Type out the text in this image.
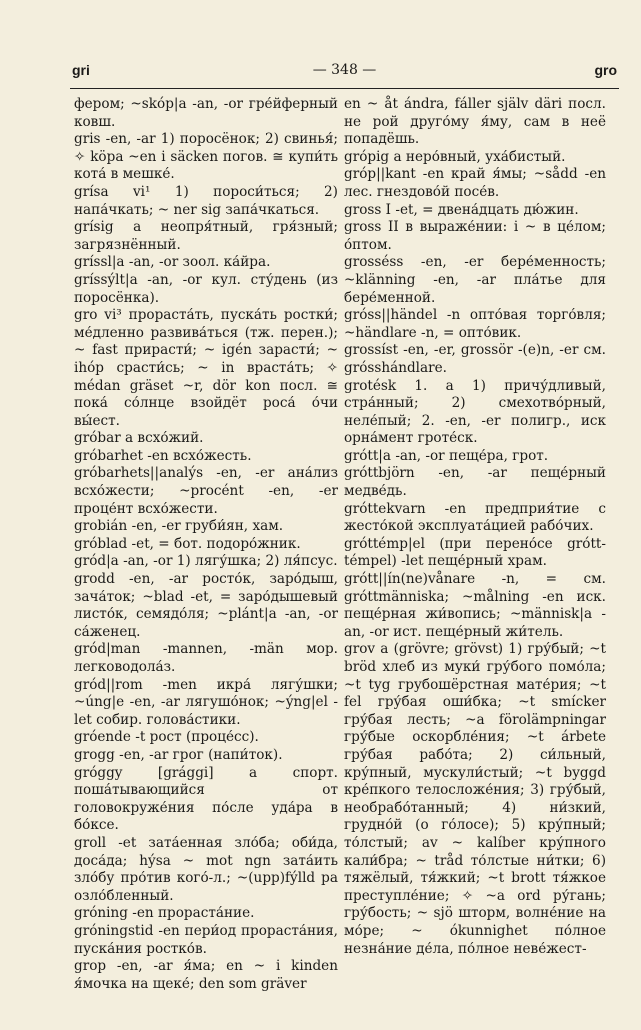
gri	— 348 —	gro

фером; ~skóp|a -an, -or гре́йферный ковш.

gris -en, -ar 1) поросёнок; 2) свинья́; ✧ köpa ~en i säcken погов. ≅ купи́ть кота́ в мешке́.

grísa vi¹ 1) пороси́ться; 2) напа́чкать; ~ ner sig запа́чкаться.

grísig a неопря́тный, гря́зный; загрязнённый.

gríssl|a -an, -or зоол. ка́йра.

gríssýlt|a -an, -or кул. сту́день (из поросёнка).

gro vi³ прораста́ть, пуска́ть ростки́; ме́дленно развива́ться (тж. перен.); ~ fast прирасти́; ~ igén зарасти́; ~ ihóp срасти́сь; ~ in враста́ть; ✧ médan gräset ~r, dör kon посл. ≅ пока́ со́лнце взойдёт роса́ о́чи вы́ест.

gróbar a всхо́жий.

gróbarhet -en всхо́жесть.

gróbarhets||analýs -en, -er ана́лиз всхо́жести; ~procént -en, -er проце́нт всхо́жести.

grobián -en, -er груби́ян, хам.

gróblad -et, = бот. подоро́жник.

gród|a -an, -or 1) лягу́шка; 2) ля́псус.

grodd -en, -ar росто́к, заро́дыш, зача́ток; ~blad -et, = заро́дышевый листо́к, семядо́ля; ~plánt|a -an, -or са́женец.

gród|man -mannen, -män мор. легководола́з.

gród||rom -men икра́ лягу́шки; ~úng|e -en, -ar лягушо́нок; ~ýng|el -let собир. голова́стики.

gróende -t рост (проце́сс).

grogg -en, -ar грог (напи́ток).

gróggy [grággi] a спорт. поша́тывающийся от головокруже́ния по́сле уда́ра в бо́ксе.

groll -et зата́енная зло́ба; оби́да, доса́да; hýsa ~ mot ngn зата́ить зло́бу про́тив кого́-л.; ~(upp)fýlld pa озло́бленный.

gróning -en прораста́ние.

gróningstid -en пери́од прораста́ния, пуска́ния ростко́в.

grop -en, -ar я́ма; en ~ i kinden я́мочка на щеке́; den som gräver

en ~ åt ándra, fáller själv däri посл. не рой друго́му я́му, сам в неё попадёшь.

grópig a неро́вный, уха́бистый.

gróp||kant -en край я́мы; ~sådd -en лес. гнездово́й посе́в.

gross I -et, = двена́дцать дю́жин.

gross II в выраже́нии: i ~ в це́лом; о́птом.

grosséss -en, -er бере́менность; ~klänning -en, -ar пла́тье для бере́менной.

gróss||händel -n опто́вая торго́вля; ~händlare -n, = опто́вик.

grossíst -en, -er, grossör -(e)n, -er см. grósshándlare.

grotésk 1. a 1) причу́дливый, стра́нный; 2) смехотво́рный, неле́пый; 2. -en, -er полигр., иск орна́мент гроте́ск.

grótt|a -an, -or пеще́ра, грот.

gróttbjörn -en, -ar пеще́рный медве́дь.

gróttekvarn -en предприя́тие с жесто́кой эксплуата́цией рабо́чих.

gróttémp|el (при перено́се grótt-témpel) -let пеще́рный храм.

grótt||ín(ne)vånare -n, = см. gróttmänniska; ~målning -en иск. пеще́рная жи́вопись; ~människ|a -an, -or ист. пеще́рный жи́тель.

grov a (grövre; grövst) 1) гру́бый; ~t bröd хлеб из муки́ гру́бого помо́ла; ~t tyg грубошёрстная мате́рия; ~t fel гру́бая оши́бка; ~t smícker гру́бая лесть; ~a förolämpningar гру́бые оскорбле́ния; ~t árbete гру́бая рабо́та; 2) си́льный, кру́пный, мускули́стый; ~t byggd кре́пкого телосложе́ния; 3) гру́бый, необрабо́танный; 4) ни́зкий, грудно́й (о го́лосе); 5) кру́пный; то́лстый; av ~ kalíber кру́пного кали́бра; ~ tråd то́лстые ни́тки; 6) тяжёлый, тя́жкий; ~t brott тя́жкое преступле́ние; ✧ ~a ord ру́гань; гру́бость; ~ sjö шторм, волне́ние на мо́ре; ~ ókunnighet по́лное незна́ние де́ла, по́лное неве́жест-
